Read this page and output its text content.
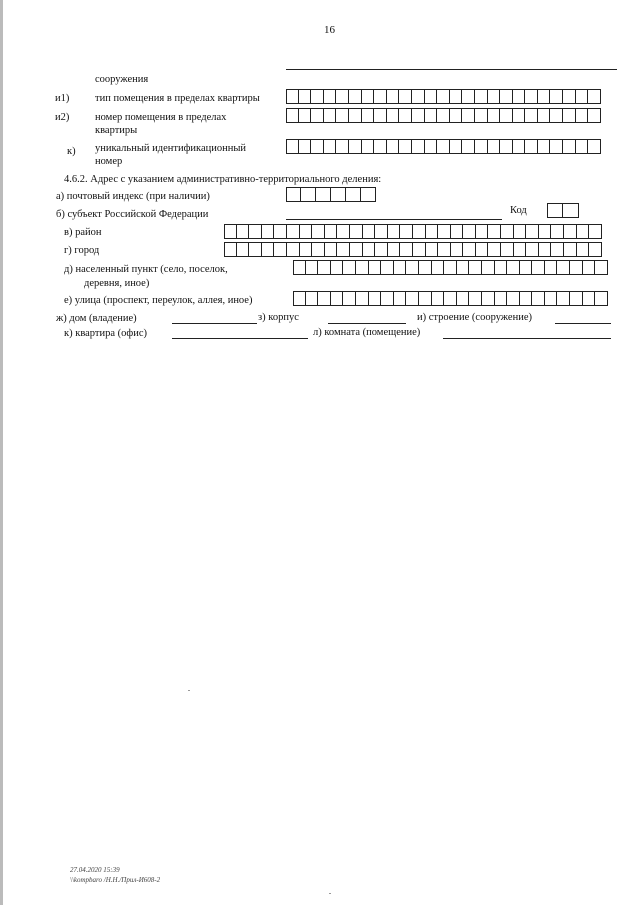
16
сооружения
и1) тип помещения в пределах квартиры
и2) номер помещения в пределах
квартиры
к) уникальный идентификационный
номер
4.6.2. Адрес с указанием административно-территориального деления:
а) почтовый индекс (при наличии)
б) субъект Российской Федерации	Код
в) район
г) город
д) населенный пункт (село, поселок,
деревня, иное)
е) улица (проспект, переулок, аллея, иное)
ж) дом (владение)	з) корпус	и) строение (сооружение)
к) квартира (офис)	л) комната (помещение)
27.04.2020 15:39
\\kompbaro /Н.Н./Прил-И608-2
